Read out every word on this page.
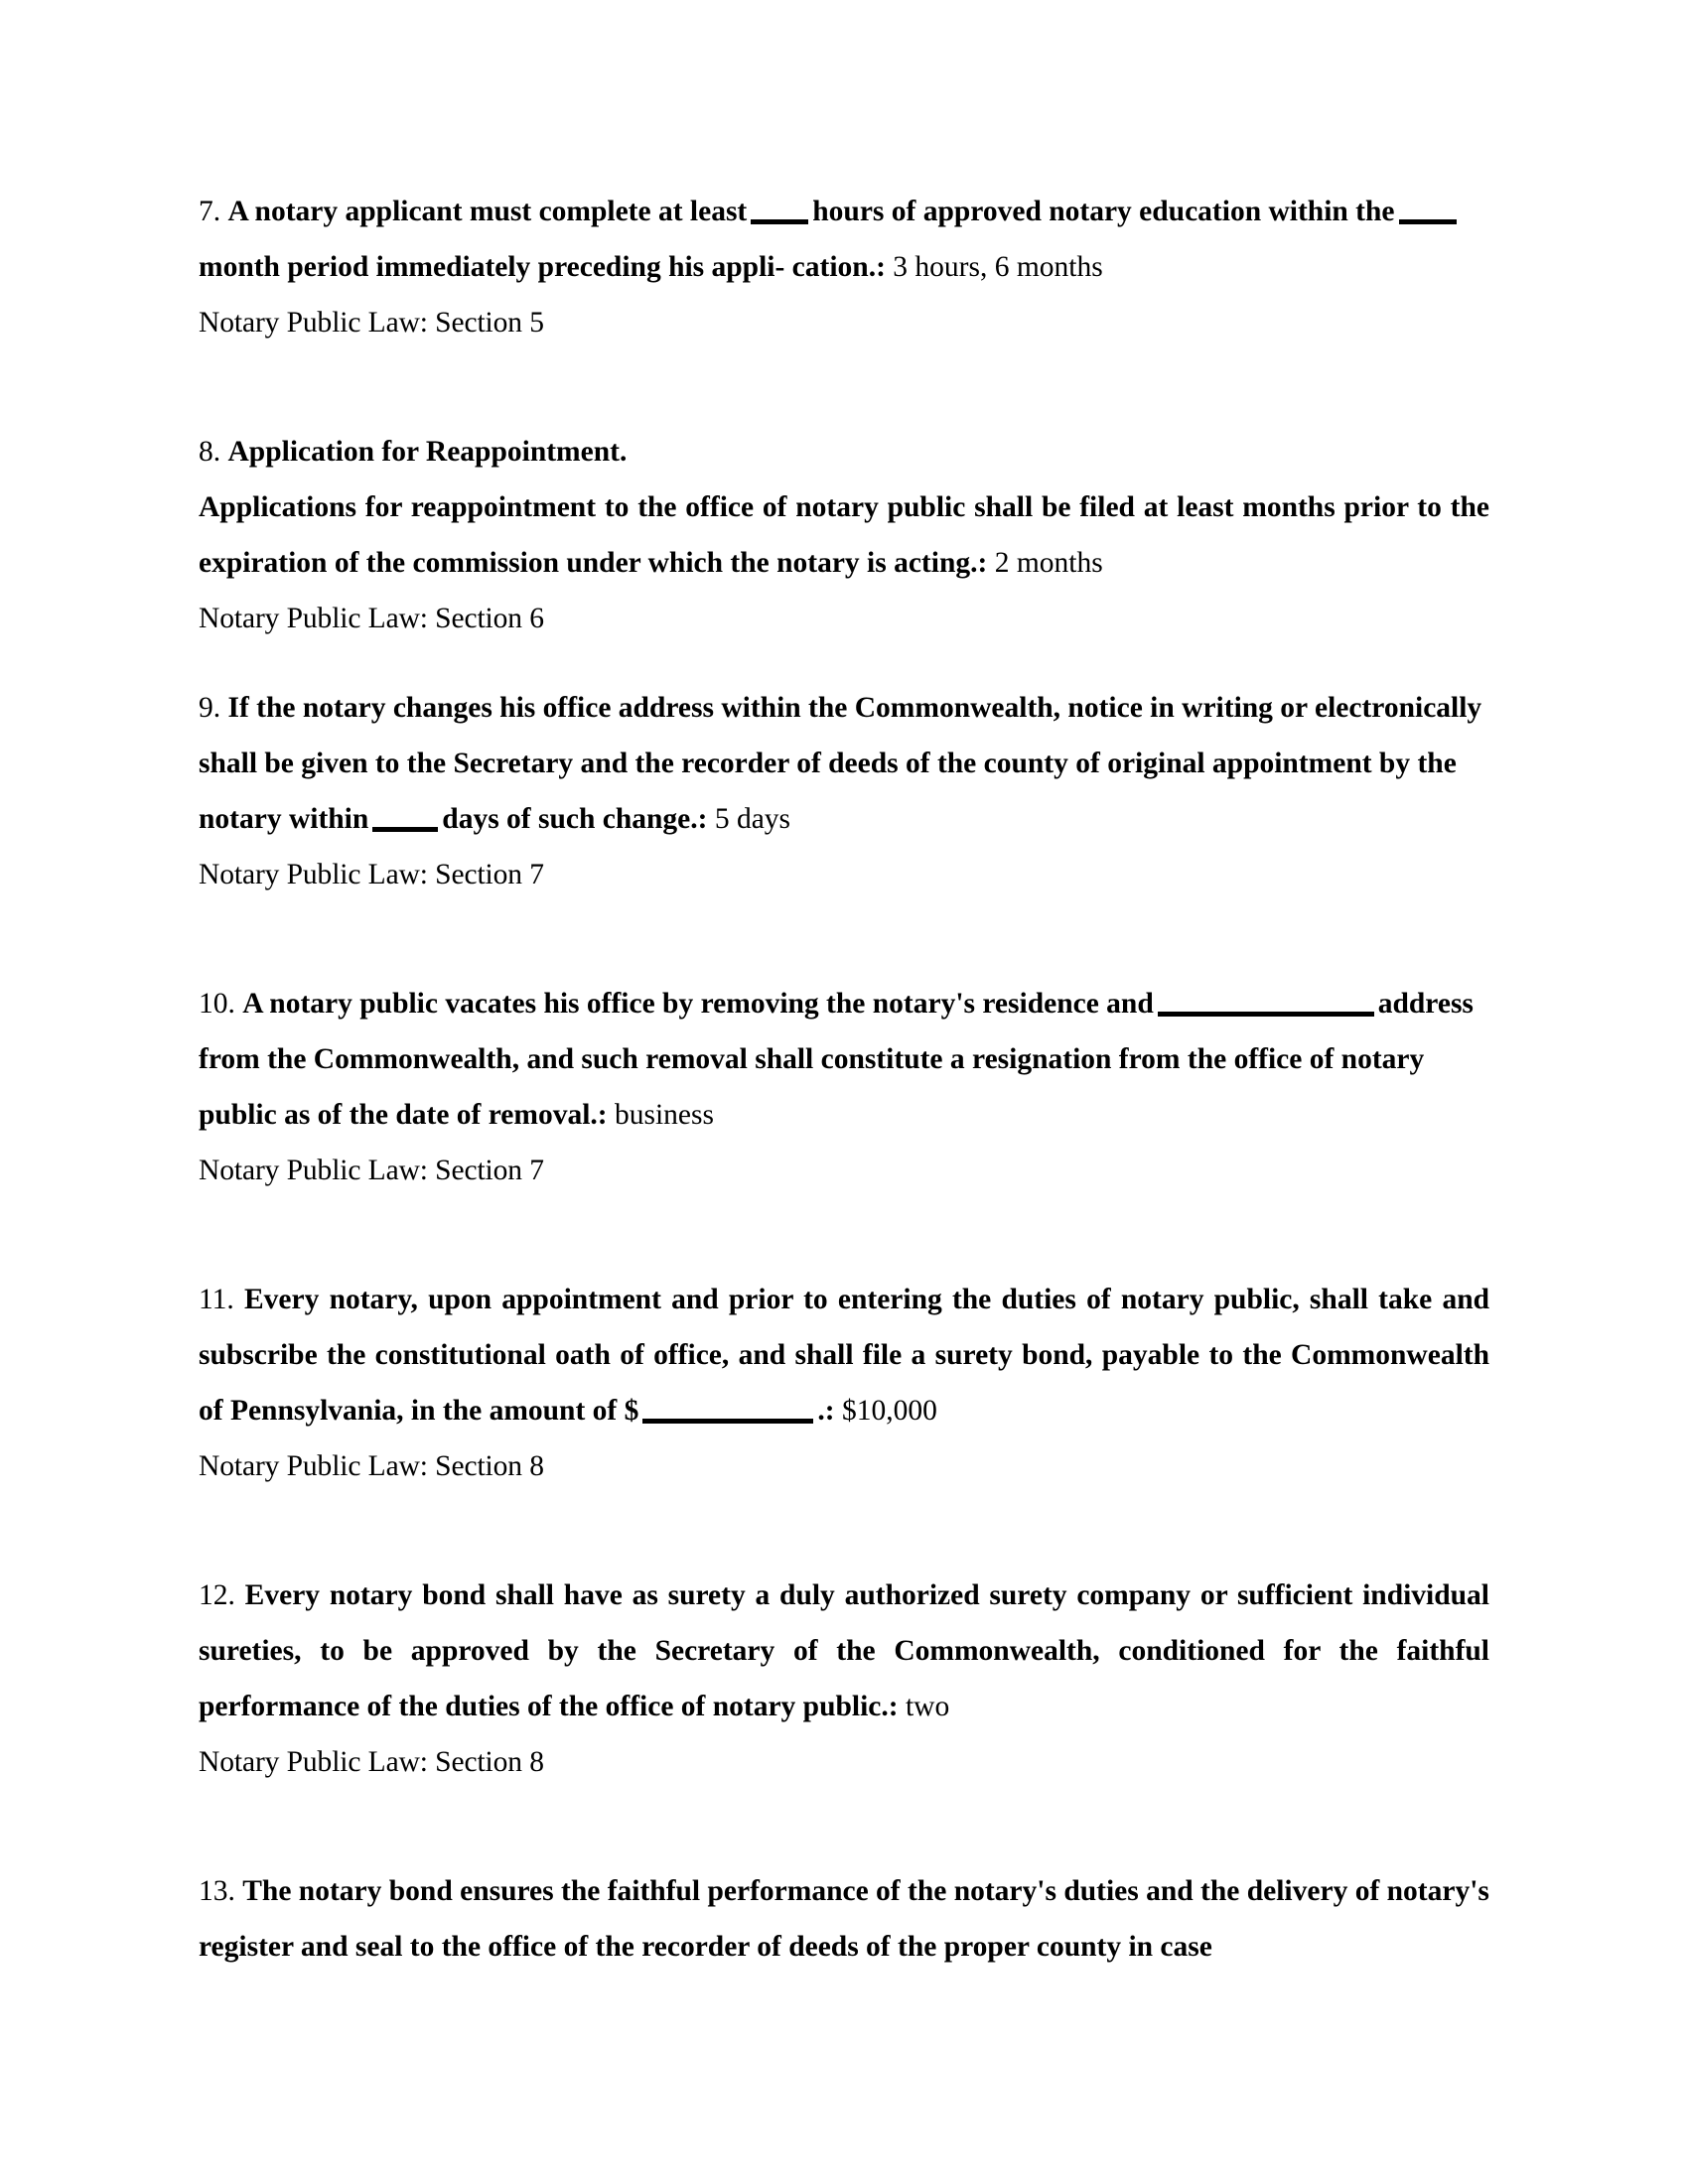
7. A notary applicant must complete at least hours of approved notary education within themonth period immediately preceding his appli- cation.: 3 hours, 6 months
Notary Public Law: Section 5
8. Application for Reappointment.
Applications for reappointment to the office of notary public shall be filed at least months prior to the expiration of the commission under which the notary is acting.: 2 months
Notary Public Law: Section 6
9. If the notary changes his office address within the Commonwealth, notice in writing or electronically shall be given to the Secretary and the recorder of deeds of the county of original appointment by the notary within	days of such change.: 5 days
Notary Public Law: Section 7
10. A notary public vacates his office by removing the notary's residence and	address from the Commonwealth, and such removal shall constitute a resignation from the office of notary public as of the date of removal.: business
Notary Public Law: Section 7
11. Every notary, upon appointment and prior to entering the duties of notary public, shall take and subscribe the constitutional oath of office, and shall file a surety bond, payable to the Commonwealth of Pennsylvania, in the amount of $	.: $10,000
Notary Public Law: Section 8
12. Every notary bond shall have as surety a duly authorized surety company or sufficient individual sureties, to be approved by the Secretary of the Commonwealth, conditioned for the faithful performance of the duties of the office of notary public.: two
Notary Public Law: Section 8
13. The notary bond ensures the faithful performance of the notary's duties and the delivery of notary's register and seal to the office of the recorder of deeds of the proper county in case
